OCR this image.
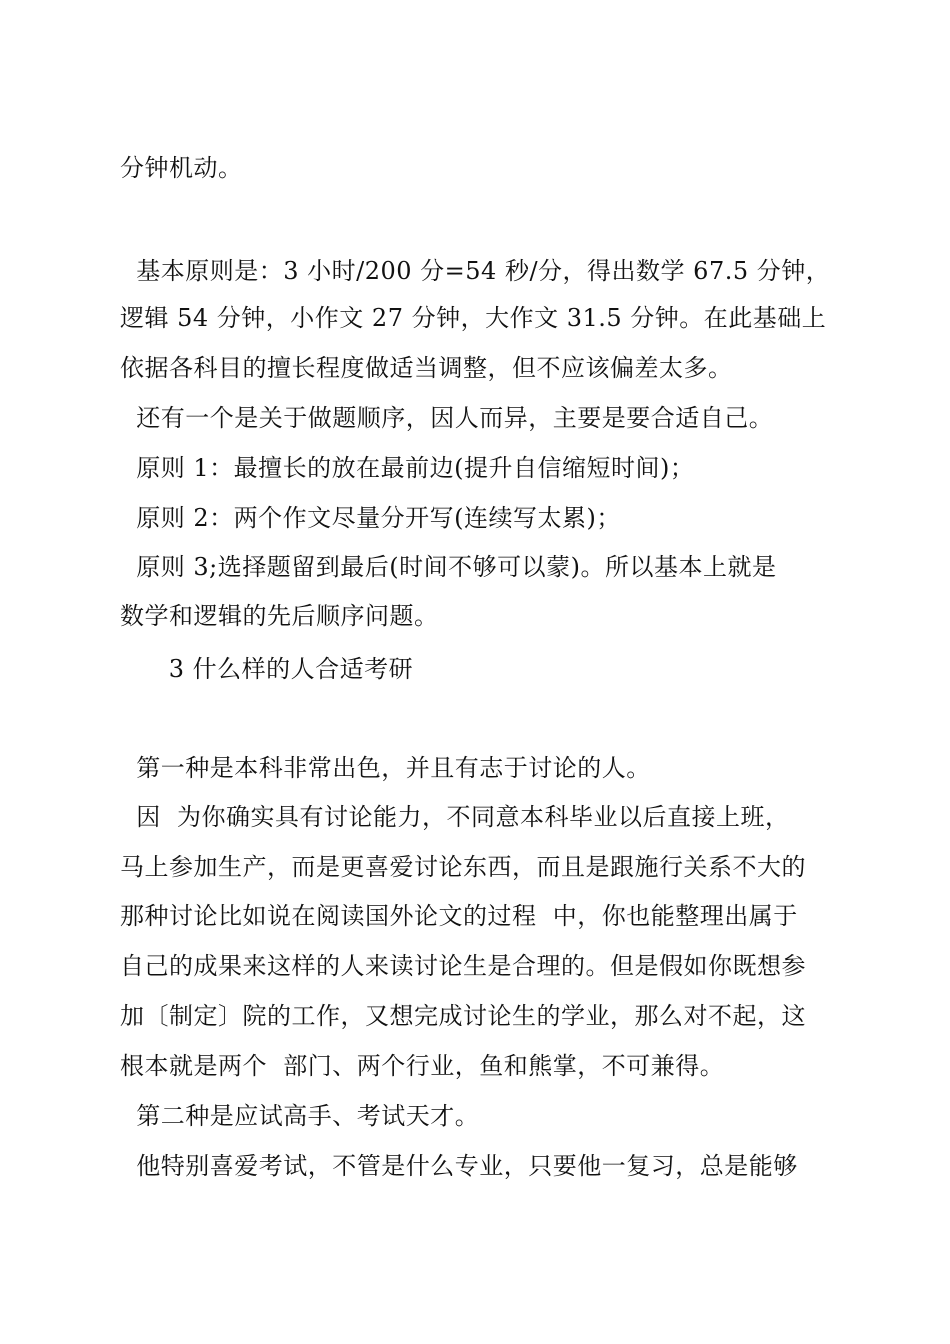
分钟机动。
基本原则是：3 小时/200 分=54 秒/分，得出数学 67.5 分钟，
逻辑 54 分钟，小作文 27 分钟，大作文 31.5 分钟。在此基础上
依据各科目的擅长程度做适当调整，但不应该偏差太多。
还有一个是关于做题顺序，因人而异，主要是要合适自己。
原则 1：最擅长的放在最前边(提升自信缩短时间)；
原则 2：两个作文尽量分开写(连续写太累)；
原则 3;选择题留到最后(时间不够可以蒙)。所以基本上就是
数学和逻辑的先后顺序问题。
3 什么样的人合适考研
第一种是本科非常出色，并且有志于讨论的人。
因  为你确实具有讨论能力，不同意本科毕业以后直接上班，
马上参加生产，而是更喜爱讨论东西，而且是跟施行关系不大的
那种讨论比如说在阅读国外论文的过程  中，你也能整理出属于
自己的成果来这样的人来读讨论生是合理的。但是假如你既想参
加〔制定〕院的工作，又想完成讨论生的学业，那么对不起，这
根本就是两个  部门、两个行业，鱼和熊掌，不可兼得。
第二种是应试高手、考试天才。
他特别喜爱考试，不管是什么专业，只要他一复习，总是能够
